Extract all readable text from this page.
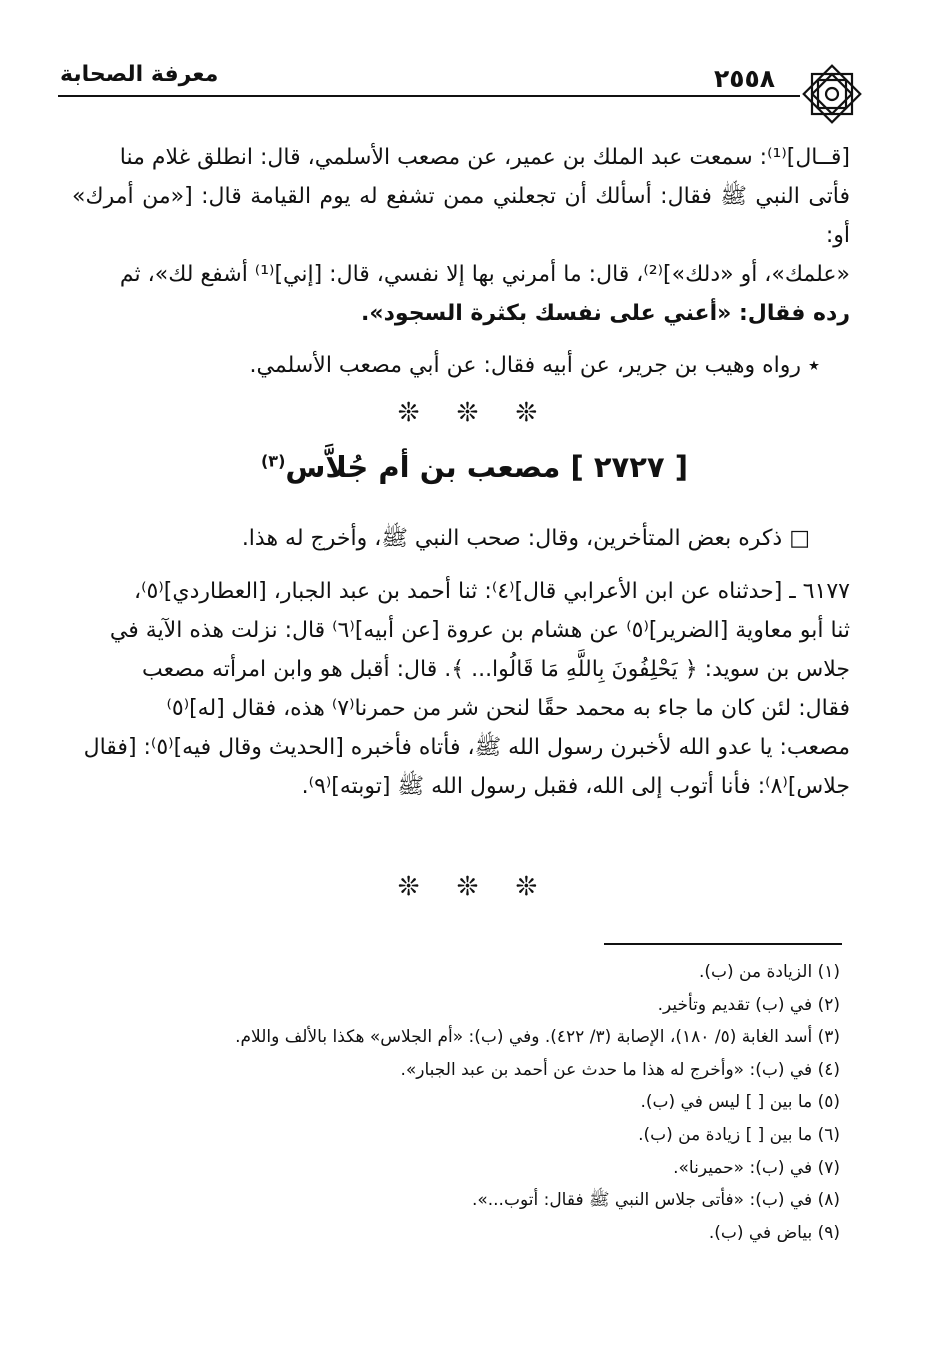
معرفة الصحابة	٢٥٥٨

[قــال]⁽¹⁾: سمعت عبد الملك بن عمير، عن مصعب الأسلمي، قال: انطلق غلام منا

فأتى النبي ﷺ فقال: أسألك أن تجعلني ممن تشفع له يوم القيامة قال: [«من أمرك» أو:

«علمك»، أو «دلك»]⁽²⁾، قال: ما أمرني بها إلا نفسي، قال: [إني]⁽¹⁾ أشفع لك»، ثم

رده فقال: «أعني على نفسك بكثرة السجود».

٭ رواه وهيب بن جرير، عن أبيه فقال: عن أبي مصعب الأسلمي.

❊ ❊ ❊
[ ٢٧٢٧ ] مصعب بن أم جُلاَّس$^{(٣)}$

□ ذكره بعض المتأخرين، وقال: صحب النبي ﷺ، وأخرج له هذا.

٦١٧٧ ـ [حدثناه عن ابن الأعرابي قال]⁽٤⁾: ثنا أحمد بن عبد الجبار، [العطاردي]⁽٥⁾،

ثنا أبو معاوية [الضرير]⁽٥⁾ عن هشام بن عروة [عن أبيه]⁽٦⁾ قال: نزلت هذه الآية في

جلاس بن سويد: ﴿ يَحْلِفُونَ بِاللَّهِ مَا قَالُوا... ﴾. قال: أقبل هو وابن امرأته مصعب

فقال: لئن كان ما جاء به محمد حقًا لنحن شر من حمرنا⁽٧⁾ هذه، فقال [له]⁽٥⁾

مصعب: يا عدو الله لأخبرن رسول الله ﷺ، فأتاه فأخبره [الحديث وقال فيه]⁽٥⁾: [فقال

جلاس]⁽٨⁾: فأنا أتوب إلى الله، فقبل رسول الله ﷺ [توبته]⁽٩⁾.

❊ ❊ ❊
(١) الزيادة من (ب).
(٢) في (ب) تقديم وتأخير.
(٣) أسد الغابة (٥/ ١٨٠)، الإصابة (٣/ ٤٢٢). وفي (ب): «أم الجلاس» هكذا بالألف واللام.
(٤) في (ب): «وأخرج له هذا ما حدث عن أحمد بن عبد الجبار».
(٥) ما بين [ ] ليس في (ب).
(٦) ما بين [ ] زيادة من (ب).
(٧) في (ب): «حميرنا».
(٨) في (ب): «فأتى جلاس النبي ﷺ فقال: أتوب...».
(٩) بياض في (ب).
